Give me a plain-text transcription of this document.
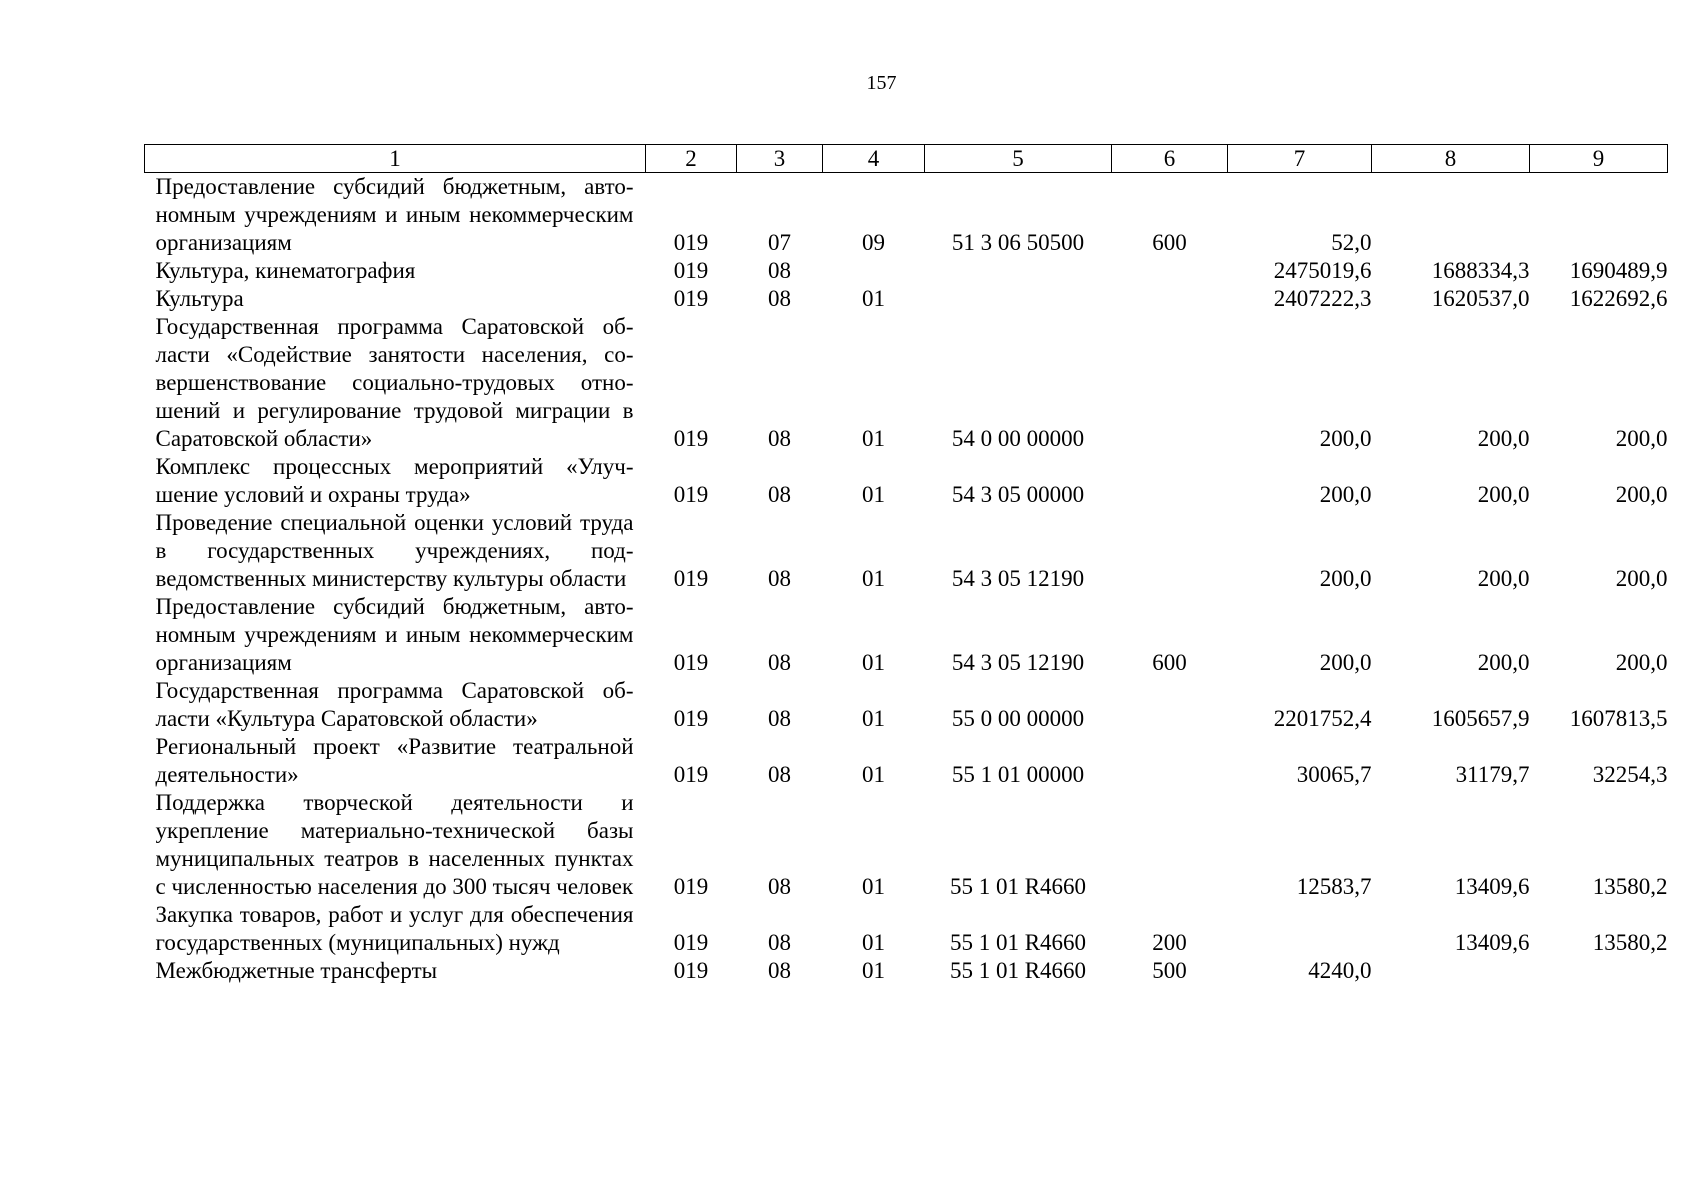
157
1	2	3	4	5	6	7	8	9
Предоставление субсидий бюджетным, автономным учреждениям и иным некоммерческим организациям	019	07	09	51 3 06 50500	600	52,0		
Культура, кинематография	019	08				2475019,6	1688334,3	1690489,9
Культура	019	08	01			2407222,3	1620537,0	1622692,6
Государственная программа Саратовской области «Содействие занятости населения, совершенствование социально-трудовых отношений и регулирование трудовой миграции в Саратовской области»	019	08	01	54 0 00 00000		200,0	200,0	200,0
Комплекс процессных мероприятий «Улучшение условий и охраны труда»	019	08	01	54 3 05 00000		200,0	200,0	200,0
Проведение специальной оценки условий труда в государственных учреждениях, подведомственных министерству культуры области	019	08	01	54 3 05 12190		200,0	200,0	200,0
Предоставление субсидий бюджетным, автономным учреждениям и иным некоммерческим организациям	019	08	01	54 3 05 12190	600	200,0	200,0	200,0
Государственная программа Саратовской области «Культура Саратовской области»	019	08	01	55 0 00 00000		2201752,4	1605657,9	1607813,5
Региональный проект «Развитие театральной деятельности»	019	08	01	55 1 01 00000		30065,7	31179,7	32254,3
Поддержка творческой деятельности и укрепление материально-технической базы муниципальных театров в населенных пунктах с численностью населения до 300 тысяч человек	019	08	01	55 1 01 R4660		12583,7	13409,6	13580,2
Закупка товаров, работ и услуг для обеспечения государственных (муниципальных) нужд	019	08	01	55 1 01 R4660	200		13409,6	13580,2
Межбюджетные трансферты	019	08	01	55 1 01 R4660	500	4240,0		
